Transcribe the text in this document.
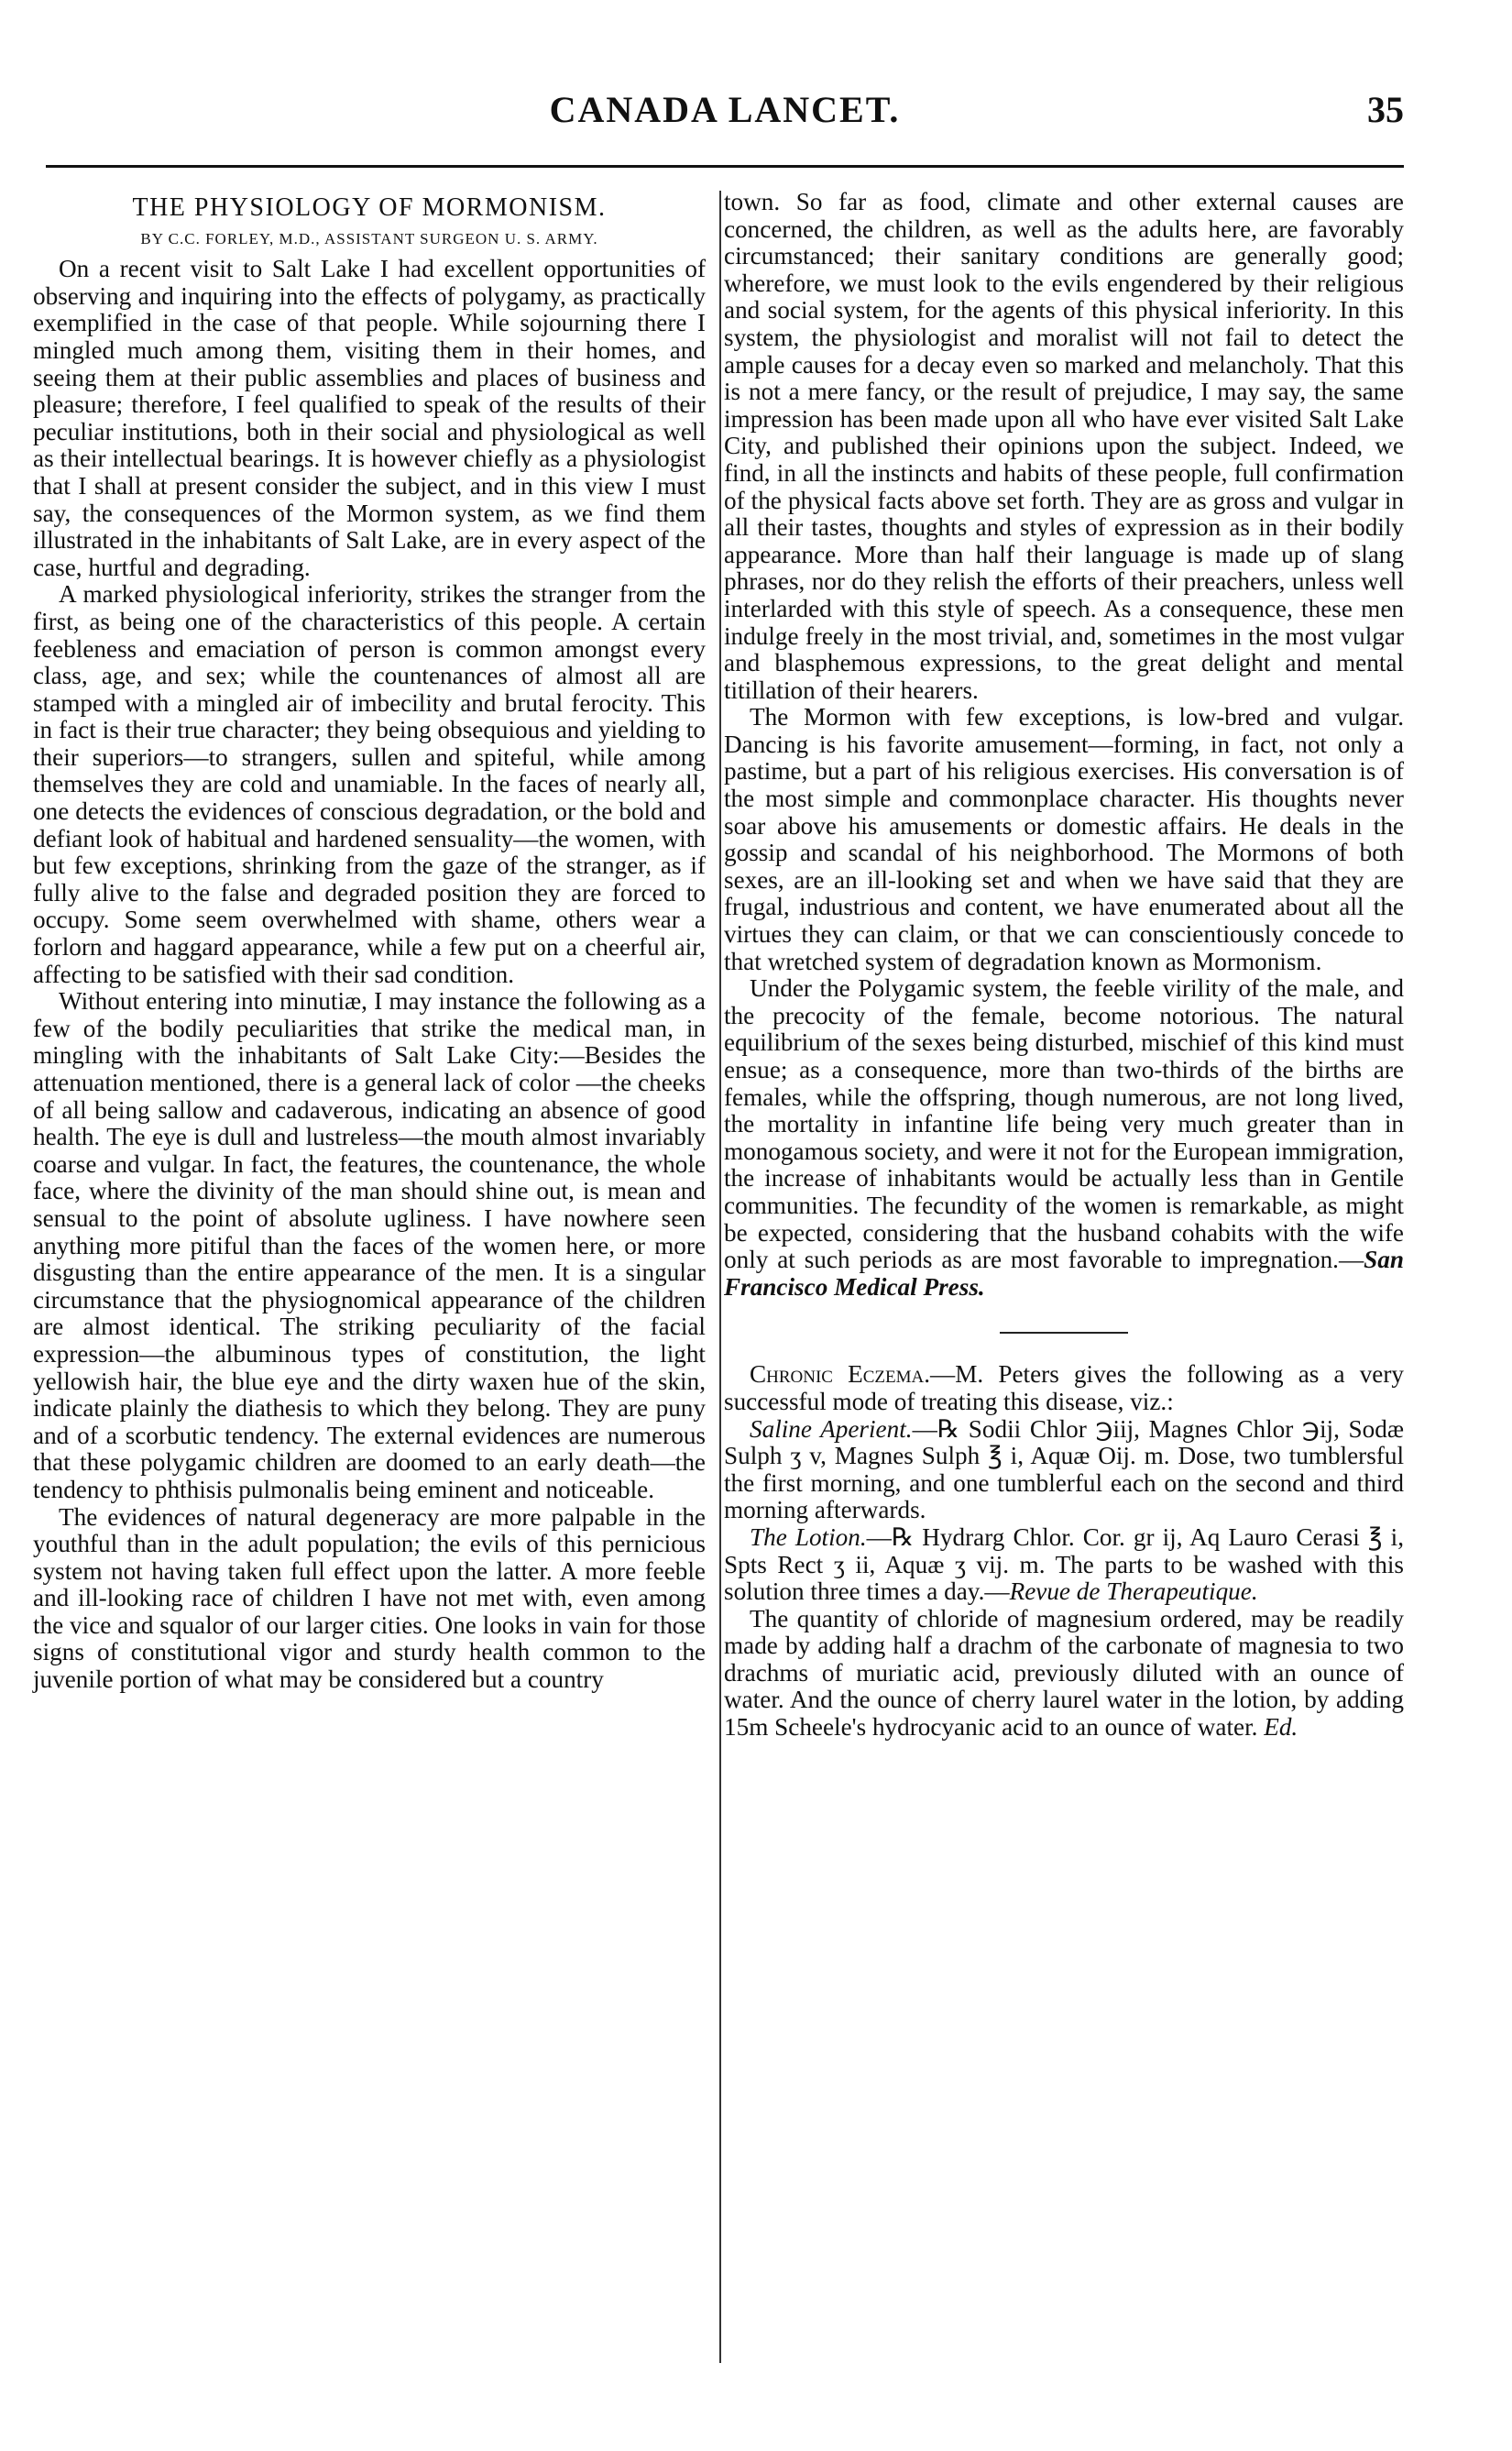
CANADA LANCET.	35
THE PHYSIOLOGY OF MORMONISM.
BY C.C. FORLEY, M.D., ASSISTANT SURGEON U. S. ARMY.

On a recent visit to Salt Lake I had excellent opportunities of observing and inquiring into the effects of polygamy, as practically exemplified in the case of that people. While sojourning there I mingled much among them, visiting them in their homes, and seeing them at their public assemblies and places of business and pleasure; therefore, I feel qualified to speak of the results of their peculiar institutions, both in their social and physiological as well as their intellectual bearings. It is however chiefly as a physiologist that I shall at present consider the subject, and in this view I must say, the consequences of the Mormon system, as we find them illustrated in the inhabitants of Salt Lake, are in every aspect of the case, hurtful and degrading.

A marked physiological inferiority, strikes the stranger from the first, as being one of the characteristics of this people. A certain feebleness and emaciation of person is common amongst every class, age, and sex; while the countenances of almost all are stamped with a mingled air of imbecility and brutal ferocity. This in fact is their true character; they being obsequious and yielding to their superiors—to strangers, sullen and spiteful, while among themselves they are cold and unamiable. In the faces of nearly all, one detects the evidences of conscious degradation, or the bold and defiant look of habitual and hardened sensuality—the women, with but few exceptions, shrinking from the gaze of the stranger, as if fully alive to the false and degraded position they are forced to occupy. Some seem overwhelmed with shame, others wear a forlorn and haggard appearance, while a few put on a cheerful air, affecting to be satisfied with their sad condition.

Without entering into minutiæ, I may instance the following as a few of the bodily peculiarities that strike the medical man, in mingling with the inhabitants of Salt Lake City:—Besides the attenuation mentioned, there is a general lack of color —the cheeks of all being sallow and cadaverous, indicating an absence of good health. The eye is dull and lustreless—the mouth almost invariably coarse and vulgar. In fact, the features, the countenance, the whole face, where the divinity of the man should shine out, is mean and sensual to the point of absolute ugliness. I have nowhere seen anything more pitiful than the faces of the women here, or more disgusting than the entire appearance of the men. It is a singular circumstance that the physiognomical appearance of the children are almost identical. The striking peculiarity of the facial expression—the albuminous types of constitution, the light yellowish hair, the blue eye and the dirty waxen hue of the skin, indicate plainly the diathesis to which they belong. They are puny and of a scorbutic tendency. The external evidences are numerous that these polygamic children are doomed to an early death—the tendency to phthisis pulmonalis being eminent and noticeable.

The evidences of natural degeneracy are more palpable in the youthful than in the adult population; the evils of this pernicious system not having taken full effect upon the latter. A more feeble and ill-looking race of children I have not met with, even among the vice and squalor of our larger cities. One looks in vain for those signs of constitutional vigor and sturdy health common to the juvenile portion of what may be considered but a country

town. So far as food, climate and other external causes are concerned, the children, as well as the adults here, are favorably circumstanced; their sanitary conditions are generally good; wherefore, we must look to the evils engendered by their religious and social system, for the agents of this physical inferiority. In this system, the physiologist and moralist will not fail to detect the ample causes for a decay even so marked and melancholy. That this is not a mere fancy, or the result of prejudice, I may say, the same impression has been made upon all who have ever visited Salt Lake City, and published their opinions upon the subject. Indeed, we find, in all the instincts and habits of these people, full confirmation of the physical facts above set forth. They are as gross and vulgar in all their tastes, thoughts and styles of expression as in their bodily appearance. More than half their language is made up of slang phrases, nor do they relish the efforts of their preachers, unless well interlarded with this style of speech. As a consequence, these men indulge freely in the most trivial, and, sometimes in the most vulgar and blasphemous expressions, to the great delight and mental titillation of their hearers.

The Mormon with few exceptions, is low-bred and vulgar. Dancing is his favorite amusement—forming, in fact, not only a pastime, but a part of his religious exercises. His conversation is of the most simple and commonplace character. His thoughts never soar above his amusements or domestic affairs. He deals in the gossip and scandal of his neighborhood. The Mormons of both sexes, are an ill-looking set and when we have said that they are frugal, industrious and content, we have enumerated about all the virtues they can claim, or that we can conscientiously concede to that wretched system of degradation known as Mormonism.

Under the Polygamic system, the feeble virility of the male, and the precocity of the female, become notorious. The natural equilibrium of the sexes being disturbed, mischief of this kind must ensue; as a consequence, more than two-thirds of the births are females, while the offspring, though numerous, are not long lived, the mortality in infantine life being very much greater than in monogamous society, and were it not for the European immigration, the increase of inhabitants would be actually less than in Gentile communities. The fecundity of the women is remarkable, as might be expected, considering that the husband cohabits with the wife only at such periods as are most favorable to impregnation.—San Francisco Medical Press.

Chronic Eczema.—M. Peters gives the following as a very successful mode of treating this disease, viz.:

Saline Aperient.—℞ Sodii Chlor ℈iij, Magnes Chlor ℈ij, Sodæ Sulph ʒ v, Magnes Sulph ℥ i, Aquæ Oij. m. Dose, two tumblersful the first morning, and one tumblerful each on the second and third morning afterwards.

The Lotion.—℞ Hydrarg Chlor. Cor. gr ij, Aq Lauro Cerasi ℥ i, Spts Rect ʒ ii, Aquæ ʒ vij. m. The parts to be washed with this solution three times a day.—Revue de Therapeutique.

The quantity of chloride of magnesium ordered, may be readily made by adding half a drachm of the carbonate of magnesia to two drachms of muriatic acid, previously diluted with an ounce of water. And the ounce of cherry laurel water in the lotion, by adding 15m Scheele's hydrocyanic acid to an ounce of water. Ed.
